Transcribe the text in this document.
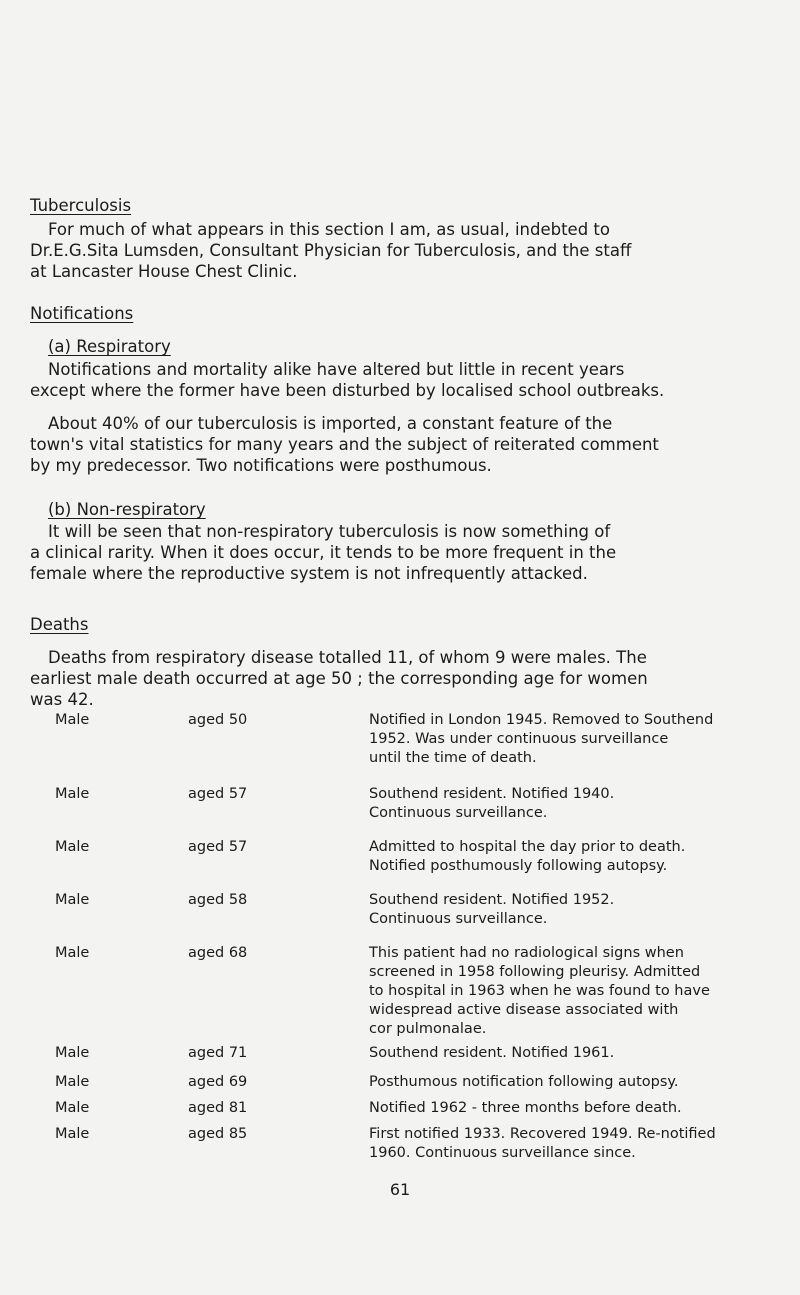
Tuberculosis

For much of what appears in this section I am, as usual, indebted to
Dr.E.G.Sita Lumsden, Consultant Physician for Tuberculosis, and the staff
at Lancaster House Chest Clinic.

Notifications
(a) Respiratory

Notifications and mortality alike have altered but little in recent years
except where the former have been disturbed by localised school outbreaks.

About 40% of our tuberculosis is imported, a constant feature of the
town's vital statistics for many years and the subject of reiterated comment
by my predecessor. Two notifications were posthumous.

(b) Non-respiratory

It will be seen that non-respiratory tuberculosis is now something of
a clinical rarity. When it does occur, it tends to be more frequent in the
female where the reproductive system is not infrequently attacked.

Deaths

Deaths from respiratory disease totalled 11, of whom 9 were males. The
earliest male death occurred at age 50 ; the corresponding age for women
was 42.

Male	aged 50	Notified in London 1945. Removed to Southend
1952. Was under continuous surveillance
until the time of death.
Male	aged 57	Southend resident. Notified 1940.
Continuous surveillance.
Male	aged 57	Admitted to hospital the day prior to death.
Notified posthumously following autopsy.
Male	aged 58	Southend resident. Notified 1952.
Continuous surveillance.
Male	aged 68	This patient had no radiological signs when
screened in 1958 following pleurisy. Admitted
to hospital in 1963 when he was found to have
widespread active disease associated with
cor pulmonalae.
Male	aged 71	Southend resident. Notified 1961.
Male	aged 69	Posthumous notification following autopsy.
Male	aged 81	Notified 1962 - three months before death.
Male	aged 85	First notified 1933. Recovered 1949. Re-notified
1960. Continuous surveillance since.
61
